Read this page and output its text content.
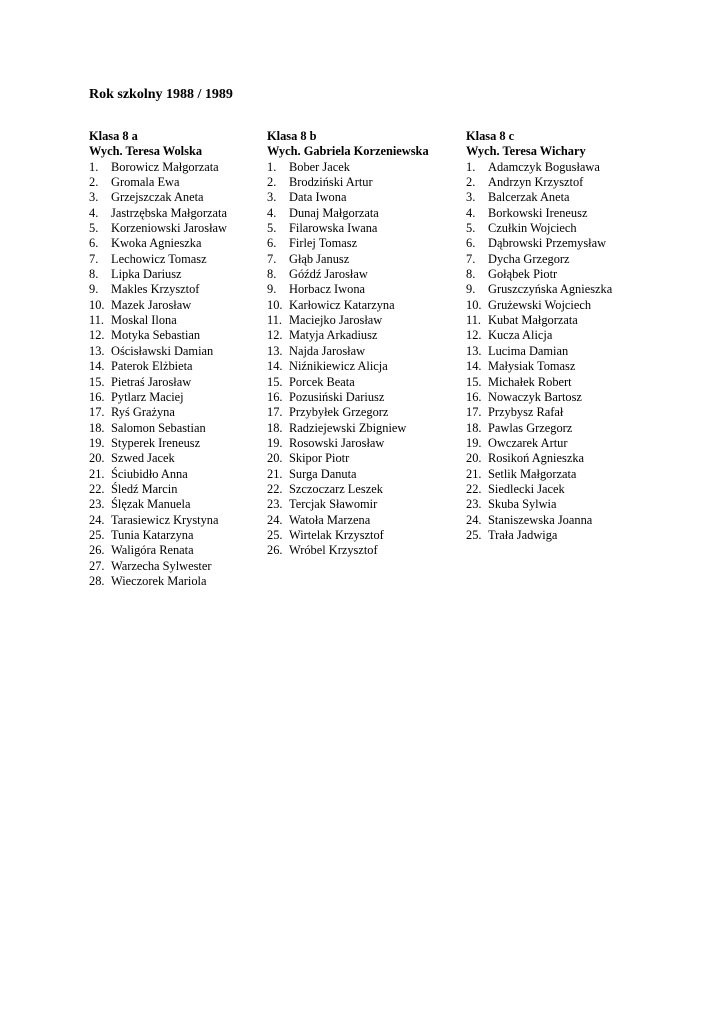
Rok szkolny 1988 / 1989
Klasa 8 a
Wych. Teresa Wolska
1.	Borowicz Małgorzata
2.	Gromala Ewa
3.	Grzejszczak Aneta
4.	Jastrzębska Małgorzata
5.	Korzeniowski Jarosław
6.	Kwoka Agnieszka
7.	Lechowicz Tomasz
8.	Lipka Dariusz
9.	Makles Krzysztof
10. Mazek Jarosław
11. Moskal Ilona
12. Motyka Sebastian
13. Ościsławski Damian
14. Paterok Elżbieta
15. Pietraś Jarosław
16. Pytlarz Maciej
17. Ryś Grażyna
18. Salomon Sebastian
19. Styperek Ireneusz
20. Szwed Jacek
21. Ściubidło Anna
22. Śledź Marcin
23. Ślęzak Manuela
24. Tarasiewicz Krystyna
25. Tunia Katarzyna
26. Waligóra Renata
27. Warzecha Sylwester
28. Wieczorek Mariola
Klasa 8 b
Wych. Gabriela Korzeniewska
1.	Bober Jacek
2.	Brodziński Artur
3.	Data Iwona
4.	Dunaj Małgorzata
5.	Filarowska Iwana
6.	Firlej Tomasz
7.	Głąb Janusz
8.	Góźdź Jarosław
9.	Horbacz Iwona
10. Karłowicz Katarzyna
11. Maciejko Jarosław
12. Matyja Arkadiusz
13. Najda Jarosław
14. Niźnikiewicz Alicja
15. Porcek Beata
16. Pozusiński Dariusz
17. Przybyłek Grzegorz
18. Radziejewski Zbigniew
19. Rosowski Jarosław
20. Skipor Piotr
21. Surga Danuta
22. Szczoczarz Leszek
23. Tercjak Sławomir
24. Watoła Marzena
25. Wirtelak Krzysztof
26. Wróbel Krzysztof
Klasa 8 c
Wych. Teresa Wichary
1.	Adamczyk Bogusława
2.	Andrzyn Krzysztof
3.	Balcerzak Aneta
4.	Borkowski Ireneusz
5.	Czułkin Wojciech
6.	Dąbrowski Przemysław
7.	Dycha Grzegorz
8.	Gołąbek Piotr
9.	Gruszczyńska Agnieszka
10. Grużewski Wojciech
11. Kubat Małgorzata
12. Kucza Alicja
13. Lucima Damian
14. Małysiak Tomasz
15. Michałek Robert
16. Nowaczyk Bartosz
17. Przybysz Rafał
18. Pawlas Grzegorz
19. Owczarek Artur
20. Rosikoń Agnieszka
21. Setlik Małgorzata
22. Siedlecki Jacek
23. Skuba Sylwia
24. Staniszewska Joanna
25. Trała Jadwiga
